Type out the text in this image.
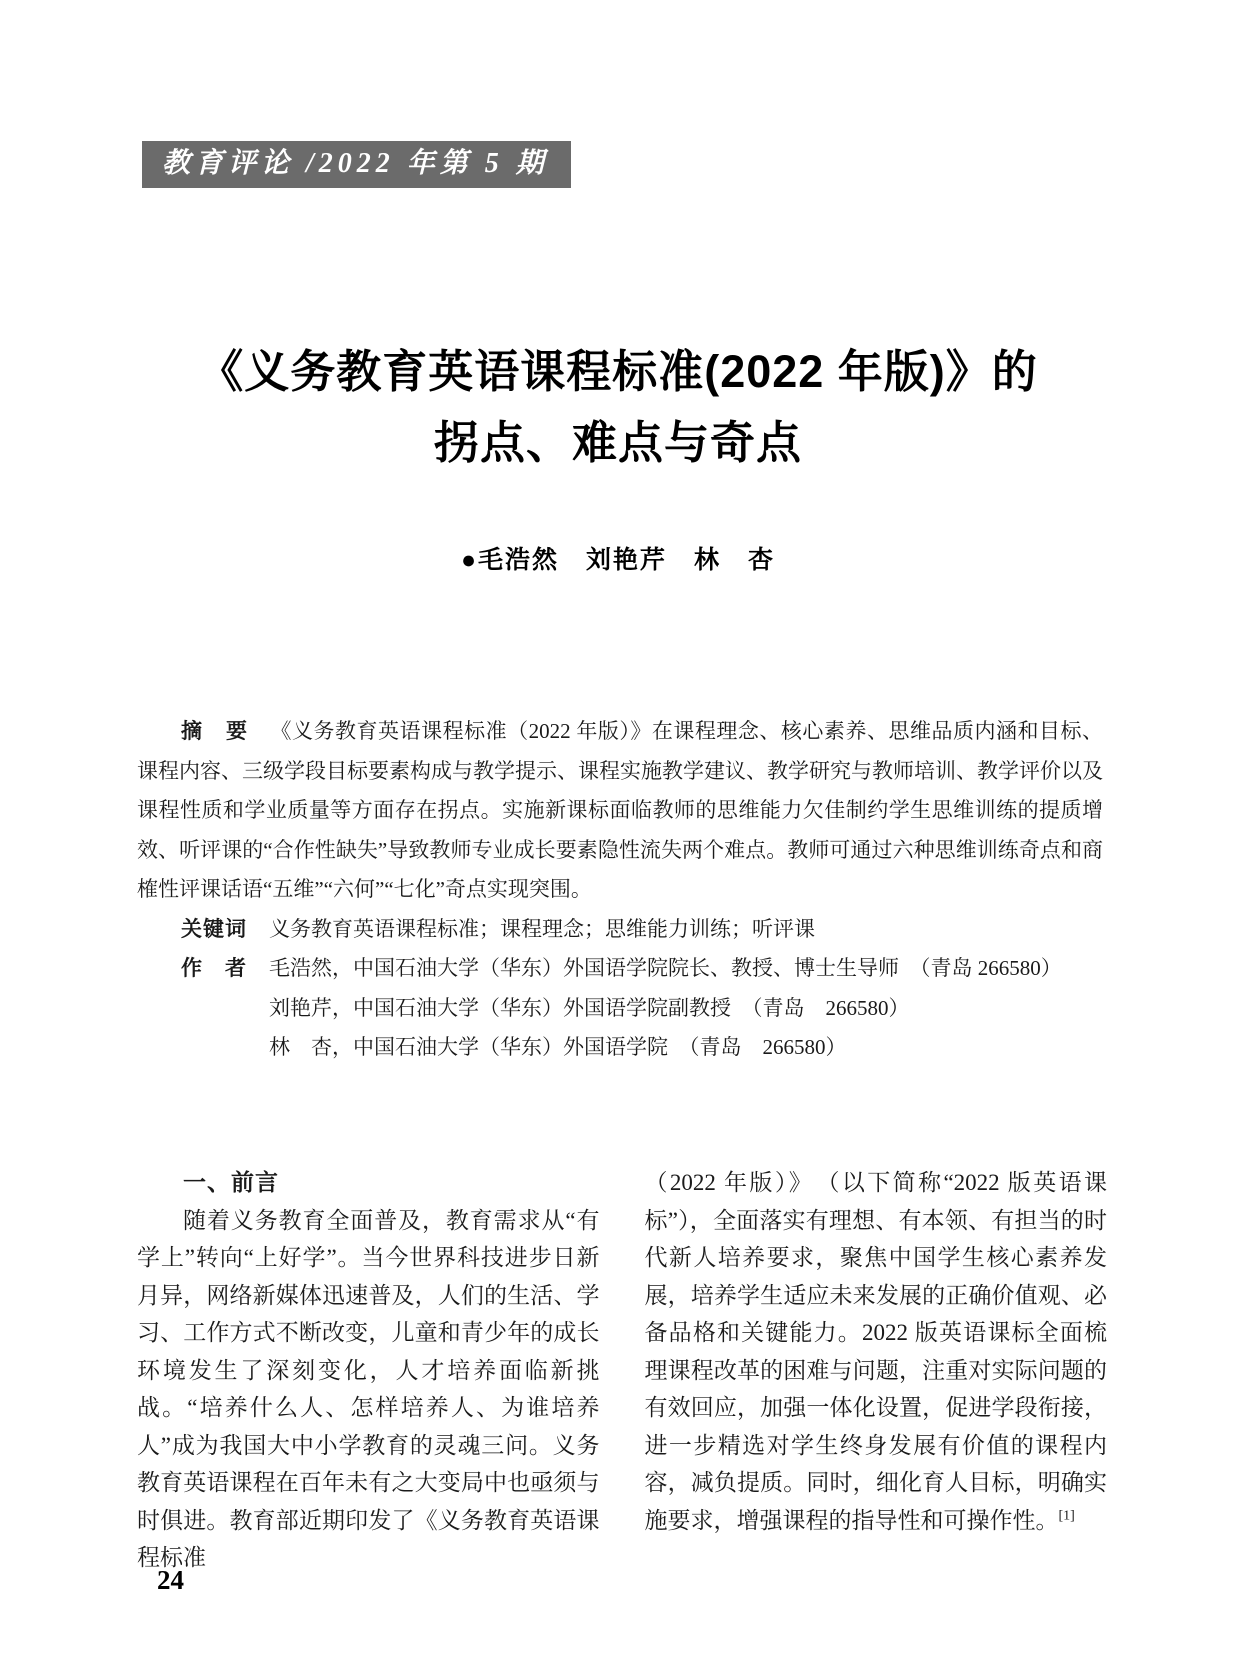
教育评论 /2022 年第 5 期
《义务教育英语课程标准(2022 年版)》的
拐点、难点与奇点
●毛浩然　刘艳芹　林　杏

摘　要 《义务教育英语课程标准（2022 年版）》在课程理念、核心素养、思维品质内涵和目标、课程内容、三级学段目标要素构成与教学提示、课程实施教学建议、教学研究与教师培训、教学评价以及课程性质和学业质量等方面存在拐点。实施新课标面临教师的思维能力欠佳制约学生思维训练的提质增效、听评课的“合作性缺失”导致教师专业成长要素隐性流失两个难点。教师可通过六种思维训练奇点和商榷性评课话语“五维”“六何”“七化”奇点实现突围。

关键词 义务教育英语课程标准；课程理念；思维能力训练；听评课

作　者 毛浩然，中国石油大学（华东）外国语学院院长、教授、博士生导师　（青岛 266580）

刘艳芹，中国石油大学（华东）外国语学院副教授　（青岛　266580）

林　杏，中国石油大学（华东）外国语学院　（青岛　266580）

一、前言

随着义务教育全面普及，教育需求从“有学上”转向“上好学”。当今世界科技进步日新月异，网络新媒体迅速普及，人们的生活、学习、工作方式不断改变，儿童和青少年的成长环境发生了深刻变化，人才培养面临新挑战。“培养什么人、怎样培养人、为谁培养人”成为我国大中小学教育的灵魂三问。义务教育英语课程在百年未有之大变局中也亟须与时俱进。教育部近期印发了《义务教育英语课程标准

（2022 年版）》　（以下简称“2022 版英语课标”），全面落实有理想、有本领、有担当的时代新人培养要求，聚焦中国学生核心素养发展，培养学生适应未来发展的正确价值观、必备品格和关键能力。2022 版英语课标全面梳理课程改革的困难与问题，注重对实际问题的有效回应，加强一体化设置，促进学段衔接，进一步精选对学生终身发展有价值的课程内容，减负提质。同时，细化育人目标，明确实施要求，增强课程的指导性和可操作性。[1]

24
